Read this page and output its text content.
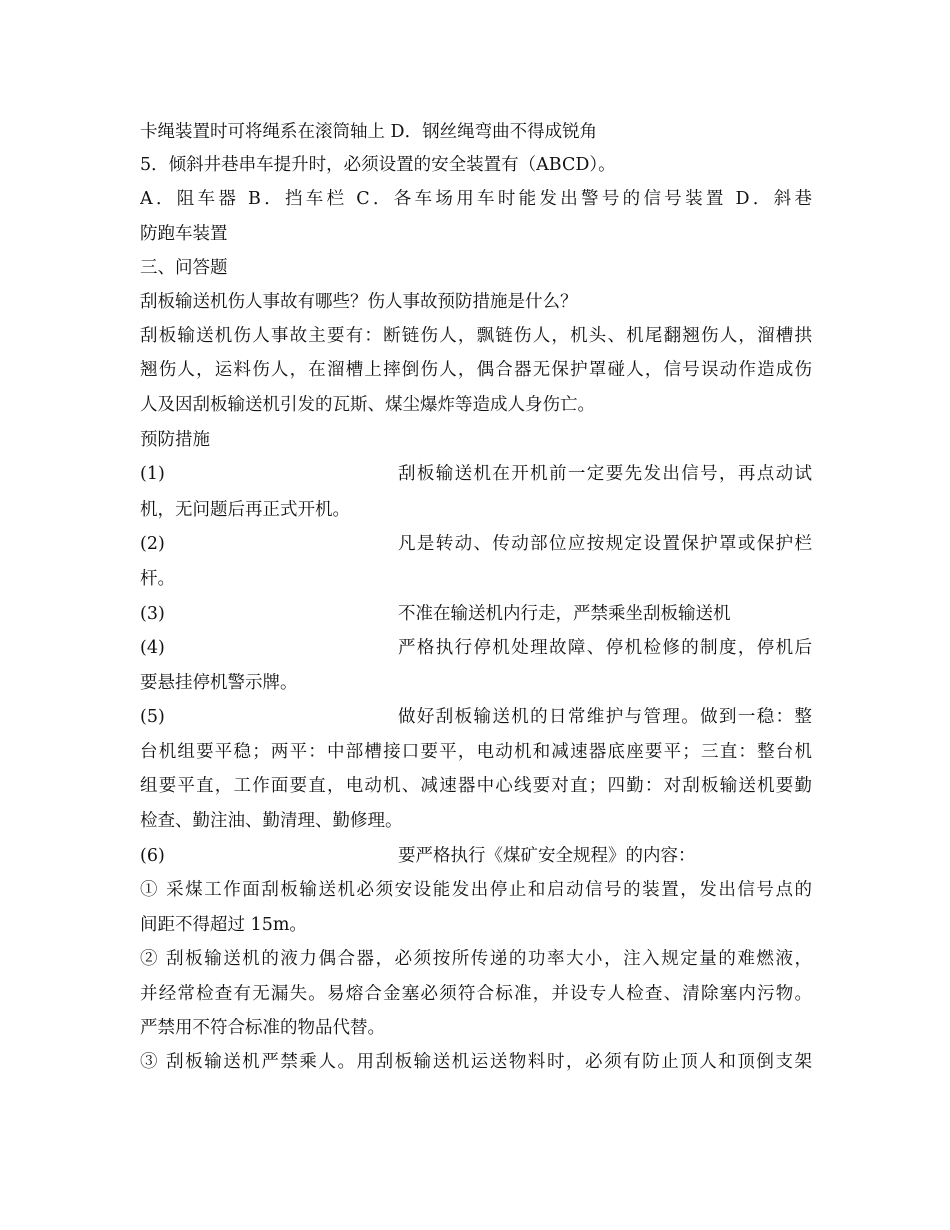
卡绳装置时可将绳系在滚筒轴上 D．钢丝绳弯曲不得成锐角
5．倾斜井巷串车提升时，必须设置的安全装置有（ABCD）。
A．阻车器 B．挡车栏 C．各车场用车时能发出警号的信号装置 D．斜巷
防跑车装置
三、问答题
刮板输送机伤人事故有哪些？伤人事故预防措施是什么？
刮板输送机伤人事故主要有：断链伤人，飘链伤人，机头、机尾翻翘伤人，溜槽拱
翘伤人，运料伤人，在溜槽上摔倒伤人，偶合器无保护罩碰人，信号误动作造成伤
人及因刮板输送机引发的瓦斯、煤尘爆炸等造成人身伤亡。
预防措施
(1)	刮板输送机在开机前一定要先发出信号，再点动试
机，无问题后再正式开机。
(2)	凡是转动、传动部位应按规定设置保护罩或保护栏
杆。
(3)	不准在输送机内行走，严禁乘坐刮板输送机
(4)	严格执行停机处理故障、停机检修的制度，停机后
要悬挂停机警示牌。
(5)	做好刮板输送机的日常维护与管理。做到一稳：整
台机组要平稳；两平：中部槽接口要平，电动机和减速器底座要平；三直：整台机
组要平直，工作面要直，电动机、减速器中心线要对直；四勤：对刮板输送机要勤
检查、勤注油、勤清理、勤修理。
(6)	要严格执行《煤矿安全规程》的内容：
① 采煤工作面刮板输送机必须安设能发出停止和启动信号的装置，发出信号点的
间距不得超过 15m。
② 刮板输送机的液力偶合器，必须按所传递的功率大小，注入规定量的难燃液，
并经常检查有无漏失。易熔合金塞必须符合标准，并设专人检查、清除塞内污物。
严禁用不符合标准的物品代替。
③ 刮板输送机严禁乘人。用刮板输送机运送物料时，必须有防止顶人和顶倒支架
